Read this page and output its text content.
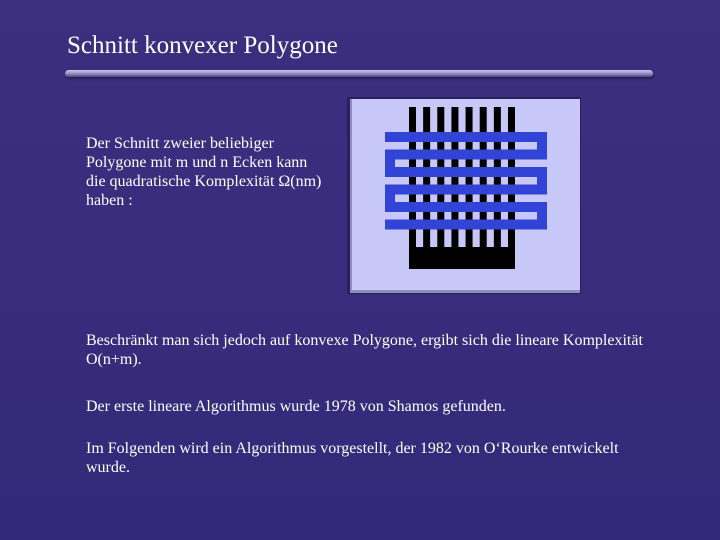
Schnitt konvexer Polygone
Der Schnitt zweier beliebiger Polygone mit m und n Ecken kann die quadratische Komplexität Ω(nm) haben :
Beschränkt man sich jedoch auf konvexe Polygone, ergibt sich die lineare Komplexität O(n+m).
Der erste lineare Algorithmus wurde 1978 von Shamos gefunden.
Im Folgenden wird ein Algorithmus vorgestellt, der 1982 von O‘Rourke entwickelt wurde.
